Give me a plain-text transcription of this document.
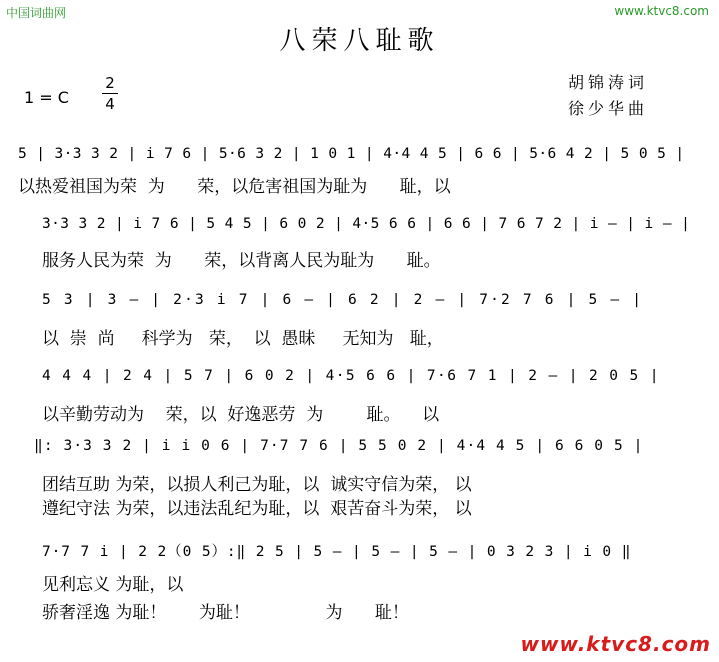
中国词曲网	www.ktvc8.com
八荣八耻歌
1 = C
2
4
胡锦涛词
徐少华曲
5 | 3·3 3 2 | i 7 6 | 5·6 3 2 | 1 0 1 | 4·4 4 5 | 6 6 | 5·6 4 2 | 5 0 5 |
以热爱祖国为荣  为      荣，以危害祖国为耻为      耻，以
3·3 3 2 | i 7 6 | 5 4 5 | 6 0 2 | 4·5 6 6 | 6 6 | 7 6 7 2 | i – | i – |
服务人民为荣  为      荣，以背离人民为耻为      耻。
5 3 | 3 – | 2·3 i 7 | 6 – | 6 2 | 2 – | 7·2 7 6 | 5 – |
以  崇  尚     科学为   荣，  以  愚昧     无知为   耻，
4 4 4 | 2 4 | 5 7 | 6 0 2 | 4·5 6 6 | 7·6 7 1 | 2 – | 2 0 5 |
以辛勤劳动为    荣，以  好逸恶劳  为        耻。    以
‖: 3·3 3 2 | i i 0 6 | 7·7 7 6 | 5 5 0 2 | 4·4 4 5 | 6 6 0 5 |
团结互助 为荣，以损人利己为耻，以  诚实守信为荣， 以
遵纪守法 为荣，以违法乱纪为耻，以  艰苦奋斗为荣， 以
7·7 7 i | 2 2（0 5）:‖ 2 5 | 5 – | 5 – | 5 – | 0 3 2 3 | i 0 ‖
见利忘义 为耻，以
骄奢淫逸 为耻！      为耻！              为      耻！
www.ktvc8.com
